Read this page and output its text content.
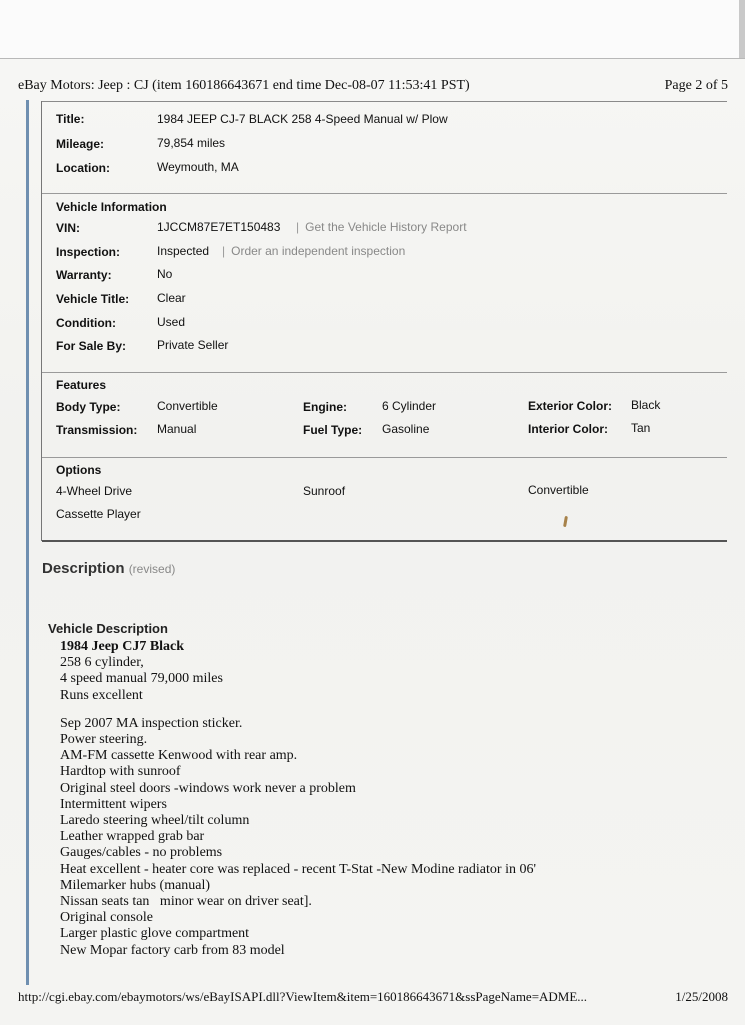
eBay Motors: Jeep : CJ (item 160186643671 end time Dec-08-07 11:53:41 PST)	Page 2 of 5
Title:	1984 JEEP CJ-7 BLACK 258 4-Speed Manual w/ Plow
Mileage:	79,854 miles
Location:	Weymouth, MA
Vehicle Information
VIN:	1JCCM87E7ET150483 | Get the Vehicle History Report
Inspection:	Inspected | Order an independent inspection
Warranty:	No
Vehicle Title: Clear
Condition:	Used
For Sale By:	Private Seller
Features
Body Type:	Convertible	Engine:	6 Cylinder	Exterior Color: Black
Transmission: Manual	Fuel Type: Gasoline	Interior Color: Tan
Options
4-Wheel Drive	Sunroof	Convertible
Cassette Player
Description (revised)
Vehicle Description
1984 Jeep CJ7 Black
258 6 cylinder,
4 speed manual 79,000 miles
Runs excellent
Sep 2007 MA inspection sticker.
Power steering.
AM-FM cassette Kenwood with rear amp.
Hardtop with sunroof
Original steel doors -windows work never a problem
Intermittent wipers
Laredo steering wheel/tilt column
Leather wrapped grab bar
Gauges/cables - no problems
Heat excellent - heater core was replaced - recent T-Stat -New Modine radiator in 06'
Milemarker hubs (manual)
Nissan seats tan   minor wear on driver seat].
Original console
Larger plastic glove compartment
New Mopar factory carb from 83 model
http://cgi.ebay.com/ebaymotors/ws/eBayISAPI.dll?ViewItem&item=160186643671&ssPageName=ADME...	1/25/2008
